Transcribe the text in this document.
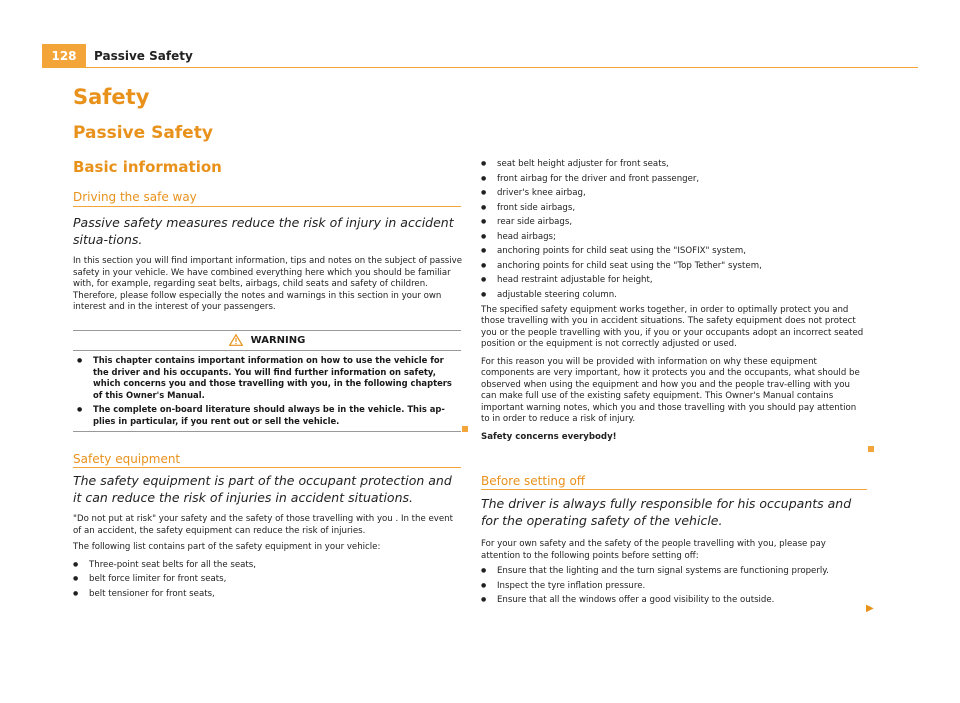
128	Passive Safety
Safety
Passive Safety
Basic information
Driving the safe way
Passive safety measures reduce the risk of injury in accident situa-tions.
In this section you will find important information, tips and notes on the subject of passive safety in your vehicle. We have combined everything here which you should be familiar with, for example, regarding seat belts, airbags, child seats and safety of children. Therefore, please follow especially the notes and warnings in this section in your own interest and in the interest of your passengers.
WARNING

● This chapter contains important information on how to use the vehicle for the driver and his occupants. You will find further information on safety, which concerns you and those travelling with you, in the following chapters of this Owner's Manual.

● The complete on-board literature should always be in the vehicle. This ap-plies in particular, if you rent out or sell the vehicle.

Safety equipment
The safety equipment is part of the occupant protection and it can reduce the risk of injuries in accident situations.
"Do not put at risk" your safety and the safety of those travelling with you . In the event of an accident, the safety equipment can reduce the risk of injuries.
The following list contains part of the safety equipment in your vehicle:
● Three-point seat belts for all the seats,
● belt force limiter for front seats,
● belt tensioner for front seats,
● seat belt height adjuster for front seats,
● front airbag for the driver and front passenger,
● driver's knee airbag,
● front side airbags,
● rear side airbags,
● head airbags;
● anchoring points for child seat using the "ISOFIX" system,
● anchoring points for child seat using the "Top Tether" system,
● head restraint adjustable for height,
● adjustable steering column.
The specified safety equipment works together, in order to optimally protect you and those travelling with you in accident situations. The safety equipment does not protect you or the people travelling with you, if you or your occupants adopt an incorrect seated position or the equipment is not correctly adjusted or used.
For this reason you will be provided with information on why these equipment components are very important, how it protects you and the occupants, what should be observed when using the equipment and how you and the people trav-elling with you can make full use of the existing safety equipment. This Owner's Manual contains important warning notes, which you and those travelling with you should pay attention to in order to reduce a risk of injury.
Safety concerns everybody!
Before setting off
The driver is always fully responsible for his occupants and for the operating safety of the vehicle.
For your own safety and the safety of the people travelling with you, please pay attention to the following points before setting off:
● Ensure that the lighting and the turn signal systems are functioning properly.
● Inspect the tyre inflation pressure.
● Ensure that all the windows offer a good visibility to the outside.
▶
